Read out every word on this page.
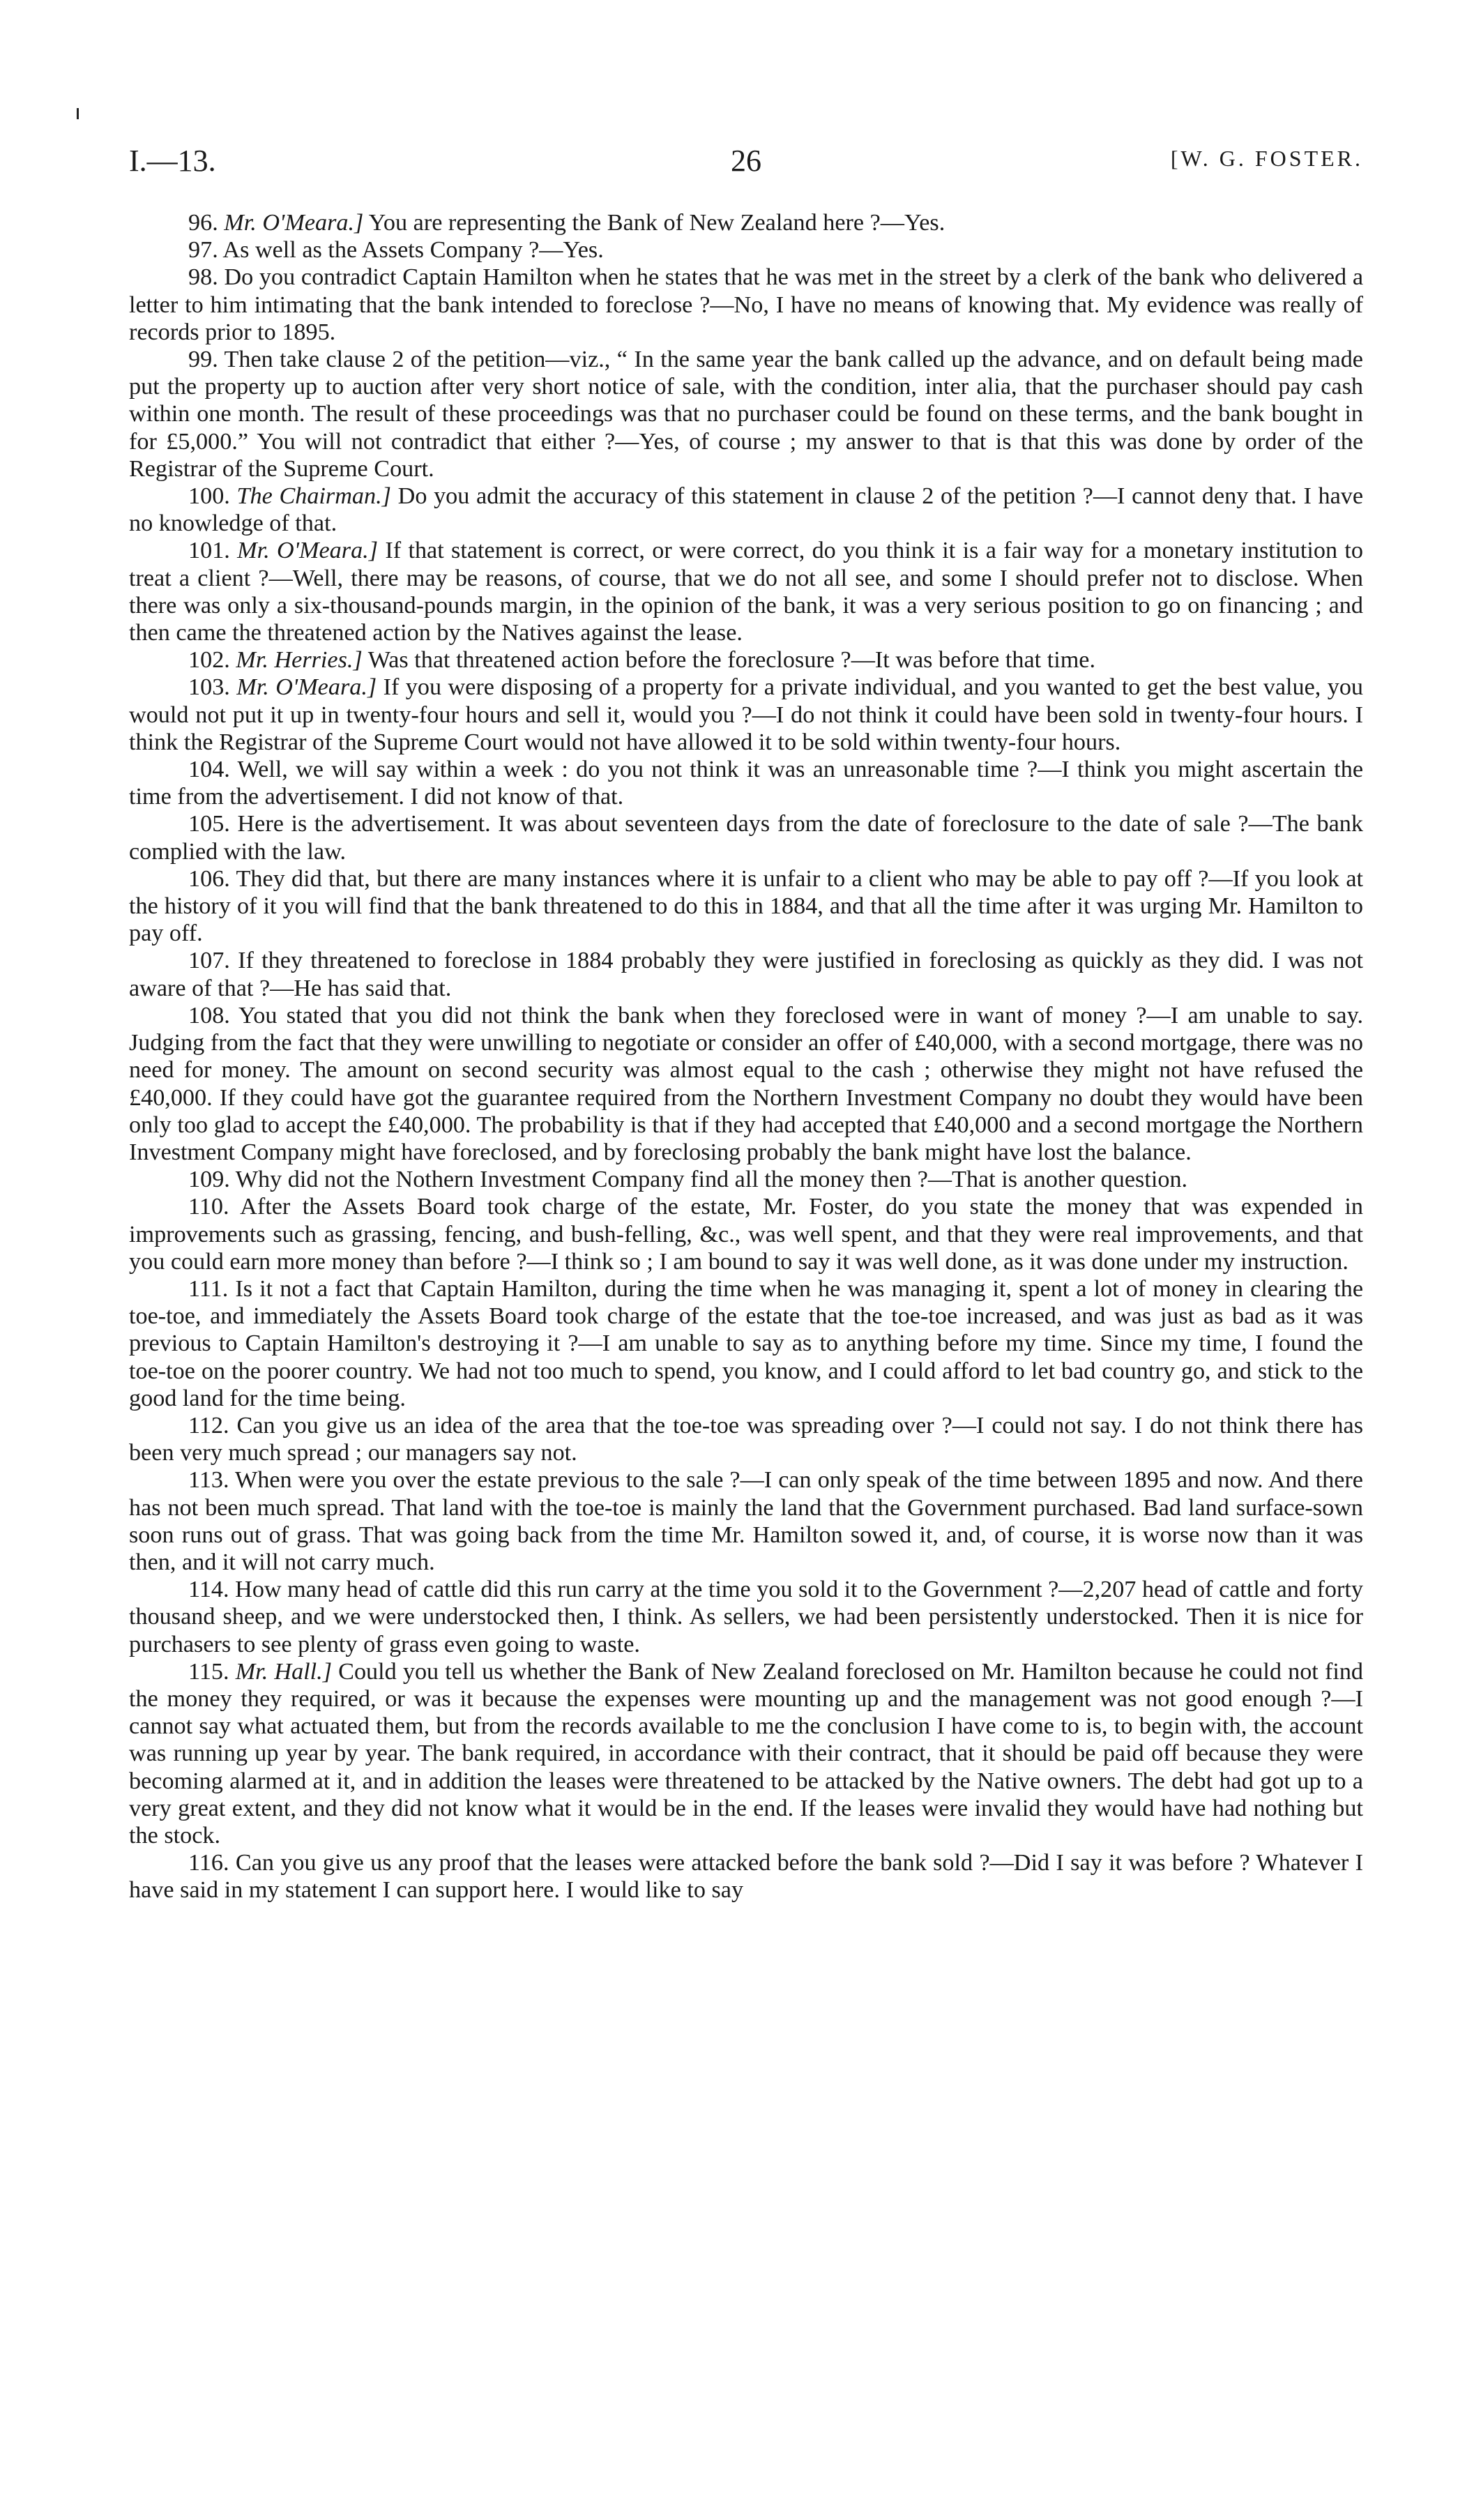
I.—13.	26	[W. G. FOSTER.

96. Mr. O'Meara.] You are representing the Bank of New Zealand here ?—Yes.

97. As well as the Assets Company ?—Yes.

98. Do you contradict Captain Hamilton when he states that he was met in the street by a clerk of the bank who delivered a letter to him intimating that the bank intended to foreclose ?—No, I have no means of knowing that. My evidence was really of records prior to 1895.

99. Then take clause 2 of the petition—viz., “ In the same year the bank called up the advance, and on default being made put the property up to auction after very short notice of sale, with the condition, inter alia, that the purchaser should pay cash within one month. The result of these proceedings was that no purchaser could be found on these terms, and the bank bought in for £5,000.” You will not contradict that either ?—Yes, of course ; my answer to that is that this was done by order of the Registrar of the Supreme Court.

100. The Chairman.] Do you admit the accuracy of this statement in clause 2 of the petition ?—I cannot deny that. I have no knowledge of that.

101. Mr. O'Meara.] If that statement is correct, or were correct, do you think it is a fair way for a monetary institution to treat a client ?—Well, there may be reasons, of course, that we do not all see, and some I should prefer not to disclose. When there was only a six-thousand-pounds margin, in the opinion of the bank, it was a very serious position to go on financing ; and then came the threatened action by the Natives against the lease.

102. Mr. Herries.] Was that threatened action before the foreclosure ?—It was before that time.

103. Mr. O'Meara.] If you were disposing of a property for a private individual, and you wanted to get the best value, you would not put it up in twenty-four hours and sell it, would you ?—I do not think it could have been sold in twenty-four hours. I think the Registrar of the Supreme Court would not have allowed it to be sold within twenty-four hours.

104. Well, we will say within a week : do you not think it was an unreasonable time ?—I think you might ascertain the time from the advertisement. I did not know of that.

105. Here is the advertisement. It was about seventeen days from the date of foreclosure to the date of sale ?—The bank complied with the law.

106. They did that, but there are many instances where it is unfair to a client who may be able to pay off ?—If you look at the history of it you will find that the bank threatened to do this in 1884, and that all the time after it was urging Mr. Hamilton to pay off.

107. If they threatened to foreclose in 1884 probably they were justified in foreclosing as quickly as they did. I was not aware of that ?—He has said that.

108. You stated that you did not think the bank when they foreclosed were in want of money ?—I am unable to say. Judging from the fact that they were unwilling to negotiate or consider an offer of £40,000, with a second mortgage, there was no need for money. The amount on second security was almost equal to the cash ; otherwise they might not have refused the £40,000. If they could have got the guarantee required from the Northern Investment Company no doubt they would have been only too glad to accept the £40,000. The probability is that if they had accepted that £40,000 and a second mortgage the Northern Investment Company might have foreclosed, and by foreclosing probably the bank might have lost the balance.

109. Why did not the Nothern Investment Company find all the money then ?—That is another question.

110. After the Assets Board took charge of the estate, Mr. Foster, do you state the money that was expended in improvements such as grassing, fencing, and bush-felling, &c., was well spent, and that they were real improvements, and that you could earn more money than before ?—I think so ; I am bound to say it was well done, as it was done under my instruction.

111. Is it not a fact that Captain Hamilton, during the time when he was managing it, spent a lot of money in clearing the toe-toe, and immediately the Assets Board took charge of the estate that the toe-toe increased, and was just as bad as it was previous to Captain Hamilton's destroying it ?—I am unable to say as to anything before my time. Since my time, I found the toe-toe on the poorer country. We had not too much to spend, you know, and I could afford to let bad country go, and stick to the good land for the time being.

112. Can you give us an idea of the area that the toe-toe was spreading over ?—I could not say. I do not think there has been very much spread ; our managers say not.

113. When were you over the estate previous to the sale ?—I can only speak of the time between 1895 and now. And there has not been much spread. That land with the toe-toe is mainly the land that the Government purchased. Bad land surface-sown soon runs out of grass. That was going back from the time Mr. Hamilton sowed it, and, of course, it is worse now than it was then, and it will not carry much.

114. How many head of cattle did this run carry at the time you sold it to the Government ?—2,207 head of cattle and forty thousand sheep, and we were understocked then, I think. As sellers, we had been persistently understocked. Then it is nice for purchasers to see plenty of grass even going to waste.

115. Mr. Hall.] Could you tell us whether the Bank of New Zealand foreclosed on Mr. Hamilton because he could not find the money they required, or was it because the expenses were mounting up and the management was not good enough ?—I cannot say what actuated them, but from the records available to me the conclusion I have come to is, to begin with, the account was running up year by year. The bank required, in accordance with their contract, that it should be paid off because they were becoming alarmed at it, and in addition the leases were threatened to be attacked by the Native owners. The debt had got up to a very great extent, and they did not know what it would be in the end. If the leases were invalid they would have had nothing but the stock.

116. Can you give us any proof that the leases were attacked before the bank sold ?—Did I say it was before ? Whatever I have said in my statement I can support here. I would like to say
